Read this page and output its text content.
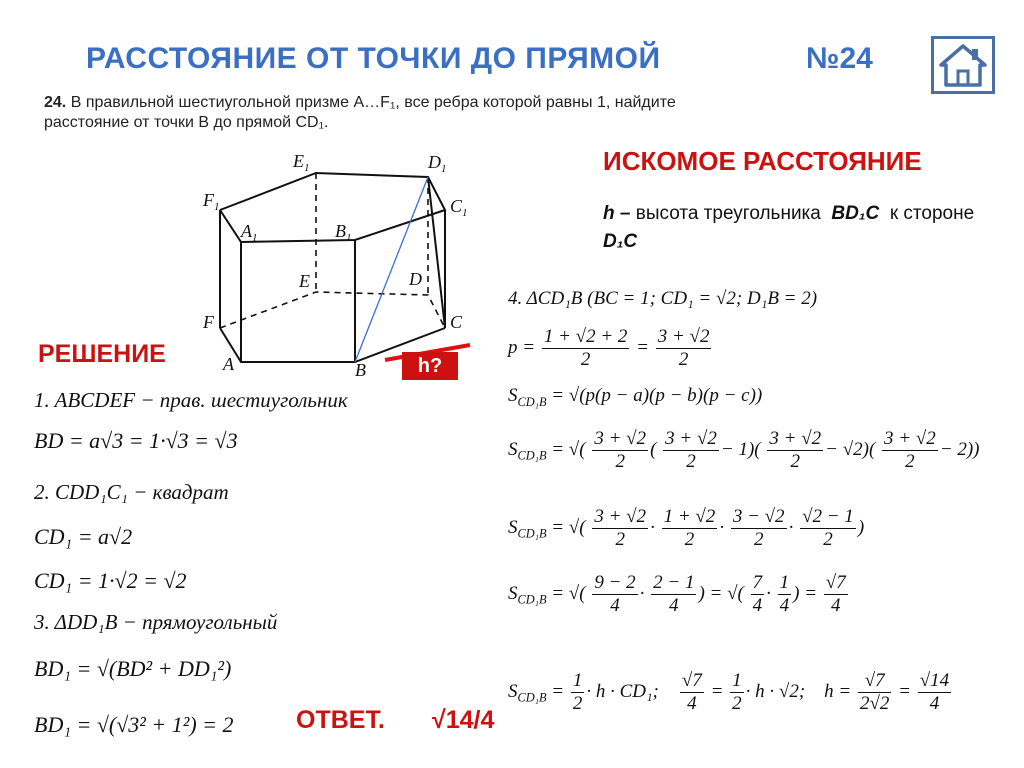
РАССТОЯНИЕ ОТ ТОЧКИ ДО ПРЯМОЙ	№24
24. В правильной шестиугольной призме A…F₁, все ребра которой равны 1, найдите расстояние от точки B до прямой CD₁.
$E_1$	$D_1$
$F_1$	$C_1$
$A_1$	$B_1$
E	D
F	C
A	B	h?
ИСКОМОЕ РАССТОЯНИЕ
h – высота треугольника BD₁C к стороне D₁C
РЕШЕНИЕ
1. ABCDEF − прав. шестиугольник
BD = a√3 = 1·√3 = √3
2. CDD₁C₁ − квадрат
CD₁ = a√2
CD₁ = 1·√2 = √2
3. ΔDD₁B − прямоугольный
BD₁ = √(BD² + DD₁²)
BD₁ = √(√3² + 1²) = 2 ОТВЕТ. √14/4
4. ΔCD₁B (BC = 1; CD₁ = √2; D₁B = 2)
$p = \frac{1 + √2 + 2}{2} = \frac{3 + √2}{2}$
$S_{CD_1B} = √(p(p - a)(p - b)(p - c))$
$S_{CD_1B}$ = √( $\frac{3 + √2}{2}$ ( $\frac{3 + √2}{2} - 1)( \frac{3 + √2}{2} - √2)( \frac{3 + √2}{2} - 2)$)
$S_{CD_1B}$ = √( $\frac{3 + √2}{2} \cdot \frac{1 + √2}{2} \cdot \frac{3 - √2}{2} \cdot \frac{√2 - 1}{2}$ )
$S_{CD_1B}$ = √( $\frac{9 - 2}{4} \cdot \frac{2 - 1}{4}$ ) = √( $\frac{7}{4} \cdot \frac{1}{4}$ ) = $\frac{√7}{4}$
$S_{CD_1B} = \frac{1}{2} \cdot h \cdot CD_1$; $\frac{√7}{4} = \frac{1}{2} \cdot h \cdot √2$;    $h = \frac{√7}{2√2} = \frac{√14}{4}$
